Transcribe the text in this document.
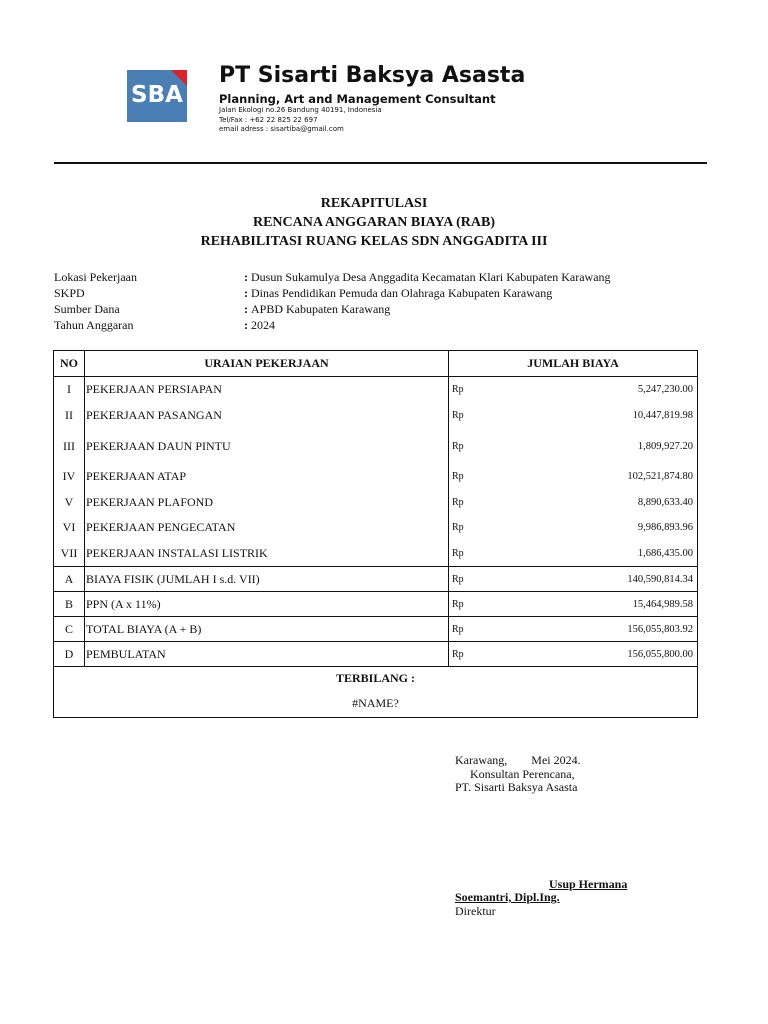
SBA
PT Sisarti Baksya Asasta
Planning, Art and Management Consultant
Jalan Ekologi no.26 Bandung 40191, Indonesia
Tel/Fax : +62 22 825 22 697
email adress : sisartiba@gmail.com
REKAPITULASI
RENCANA ANGGARAN BIAYA (RAB)
REHABILITASI RUANG KELAS SDN ANGGADITA III
Lokasi Pekerjaan	: Dusun Sukamulya Desa Anggadita Kecamatan Klari Kabupaten Karawang
SKPD	: Dinas Pendidikan Pemuda dan Olahraga Kabupaten Karawang
Sumber Dana	: APBD Kabupaten Karawang
Tahun Anggaran	: 2024
NO	URAIAN PEKERJAAN	JUMLAH BIAYA	
I	PEKERJAAN PERSIAPAN	Rp	5,247,230.00
II	PEKERJAAN PASANGAN	Rp	10,447,819.98
III	PEKERJAAN DAUN PINTU	Rp	1,809,927.20
IV	PEKERJAAN ATAP	Rp	102,521,874.80
V	PEKERJAAN PLAFOND	Rp	8,890,633.40
VI	PEKERJAAN PENGECATAN	Rp	9,986,893.96
VII	PEKERJAAN INSTALASI LISTRIK	Rp	1,686,435.00
A	BIAYA FISIK (JUMLAH I s.d. VII)	Rp	140,590,814.34
B	PPN (A x 11%)	Rp	15,464,989.58
C	TOTAL BIAYA (A + B)	Rp	156,055,803.92
D	PEMBULATAN	Rp	156,055,800.00

TERBILANG :
#NAME?			
Karawang,        Mei 2024.
Konsultan Perencana,
PT. Sisarti Baksya Asasta
Usup Hermana
Soemantri, Dipl.Ing.
Direktur
